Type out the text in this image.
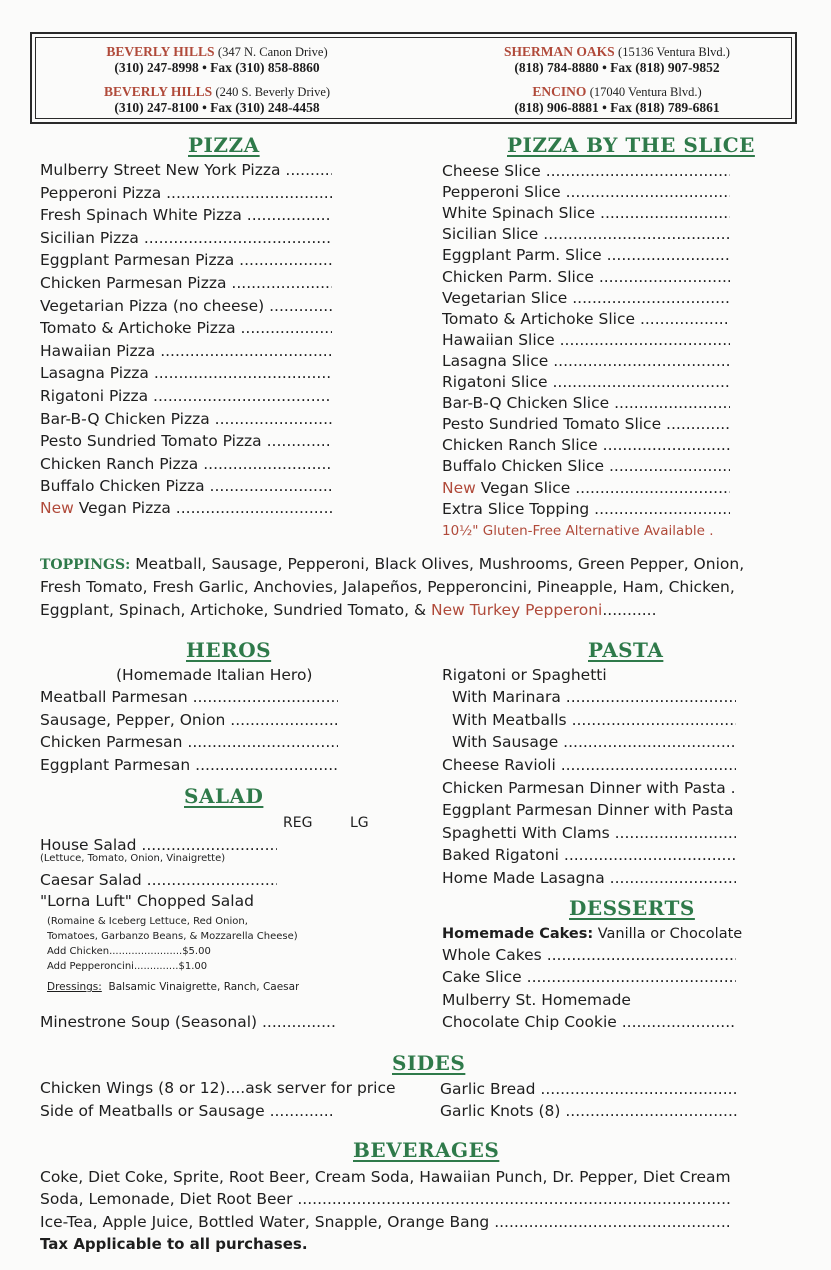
BEVERLY HILLS (347 N. Canon Drive)
(310) 247-8998 • Fax (310) 858-8860
BEVERLY HILLS (240 S. Beverly Drive)
(310) 247-8100 • Fax (310) 248-4458
SHERMAN OAKS (15136 Ventura Blvd.)
(818) 784-8880 • Fax (818) 907-9852
ENCINO (17040 Ventura Blvd.)
(818) 906-8881 • Fax (818) 789-6861
PIZZA
Mulberry Street New York Pizza .....
Pepperoni Pizza .....
Fresh Spinach White Pizza .....
Sicilian Pizza .....
Eggplant Parmesan Pizza .....
Chicken Parmesan Pizza .....
Vegetarian Pizza (no cheese) .....
Tomato & Artichoke Pizza .....
Hawaiian Pizza .....
Lasagna Pizza .....
Rigatoni Pizza .....
Bar-B-Q Chicken Pizza .....
Pesto Sundried Tomato Pizza .....
Chicken Ranch Pizza .....
Buffalo Chicken Pizza .....
New Vegan Pizza .....
PIZZA BY THE SLICE
Cheese Slice .....
Pepperoni Slice .....
White Spinach Slice .....
Sicilian Slice .....
Eggplant Parm. Slice .....
Chicken Parm. Slice .....
Vegetarian Slice .....
Tomato & Artichoke Slice .....
Hawaiian Slice .....
Lasagna Slice .....
Rigatoni Slice .....
Bar-B-Q Chicken Slice .....
Pesto Sundried Tomato Slice .....
Chicken Ranch Slice .....
Buffalo Chicken Slice .....
New Vegan Slice .....
Extra Slice Topping .....
10½" Gluten-Free Alternative Available .
TOPPINGS: Meatball, Sausage, Pepperoni, Black Olives, Mushrooms, Green Pepper, Onion,
Fresh Tomato, Fresh Garlic, Anchovies, Jalapeños, Pepperoncini, Pineapple, Ham, Chicken,
Eggplant, Spinach, Artichoke, Sundried Tomato, & New Turkey Pepperoni...........
HEROS
(Homemade Italian Hero)
Meatball Parmesan .....
Sausage, Pepper, Onion .....
Chicken Parmesan .....
Eggplant Parmesan .....
SALAD
REG	LG
House Salad .....
(Lettuce, Tomato, Onion, Vinaigrette)
Caesar Salad .....
"Lorna Luft" Chopped Salad
(Romaine & Iceberg Lettuce, Red Onion,
Tomatoes, Garbanzo Beans, & Mozzarella Cheese)
Add Chicken.......................$5.00
Add Pepperoncini..............$1.00
Dressings: Balsamic Vinaigrette, Ranch, Caesar
Minestrone Soup (Seasonal) .....
PASTA
Rigatoni or Spaghetti
With Marinara .....
With Meatballs .....
With Sausage .....
Cheese Ravioli .....
Chicken Parmesan Dinner with Pasta .....
Eggplant Parmesan Dinner with Pasta .....
Spaghetti With Clams .....
Baked Rigatoni .....
Home Made Lasagna .....
DESSERTS
Homemade Cakes: Vanilla or Chocolate
Whole Cakes .....
Cake Slice .....
Mulberry St. Homemade
Chocolate Chip Cookie .....
SIDES
Chicken Wings (8 or 12)....ask server for price
Side of Meatballs or Sausage .....
Garlic Bread .....
Garlic Knots (8) .....
BEVERAGES
Coke, Diet Coke, Sprite, Root Beer, Cream Soda, Hawaiian Punch, Dr. Pepper, Diet Cream
Soda, Lemonade, Diet Root Beer .....
Ice-Tea, Apple Juice, Bottled Water, Snapple, Orange Bang .....
Tax Applicable to all purchases.
